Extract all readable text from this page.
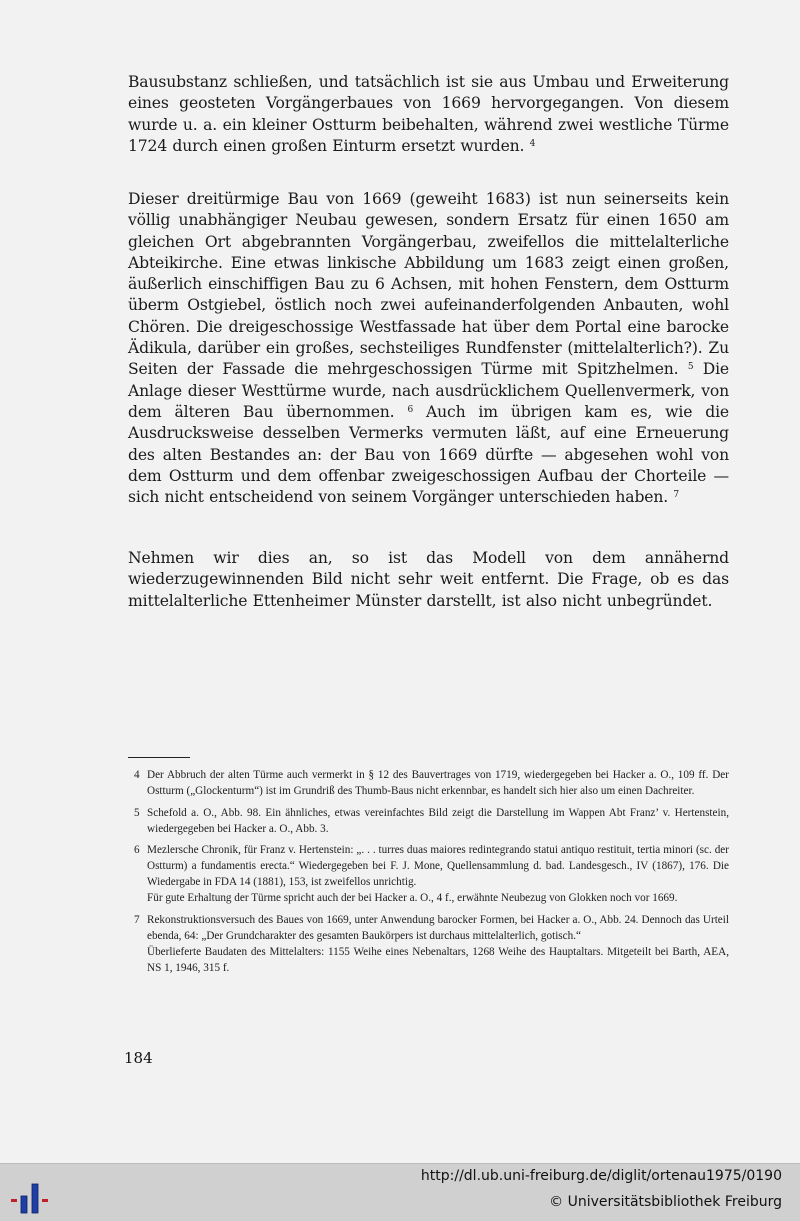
Bausubstanz schließen, und tatsächlich ist sie aus Umbau und Erweiterung eines geosteten Vorgängerbaues von 1669 hervorgegangen. Von diesem wurde u. a. ein kleiner Ostturm beibehalten, während zwei westliche Türme 1724 durch einen großen Einturm ersetzt wurden. $^4$

Dieser dreitürmige Bau von 1669 (geweiht 1683) ist nun seinerseits kein völlig unabhängiger Neubau gewesen, sondern Ersatz für einen 1650 am gleichen Ort abgebrannten Vorgängerbau, zweifellos die mittelalterliche Abteikirche. Eine etwas linkische Abbildung um 1683 zeigt einen großen, äußerlich einschiffigen Bau zu 6 Achsen, mit hohen Fenstern, dem Ostturm überm Ostgiebel, östlich noch zwei aufeinanderfolgenden Anbauten, wohl Chören. Die dreigeschossige Westfassade hat über dem Portal eine barocke Ädikula, darüber ein großes, sechsteiliges Rundfenster (mittelalterlich?). Zu Seiten der Fassade die mehrgeschossigen Türme mit Spitzhelmen. $^5$ Die Anlage dieser Westtürme wurde, nach ausdrücklichem Quellenvermerk, von dem älteren Bau übernommen. $^6$ Auch im übrigen kam es, wie die Ausdrucksweise desselben Vermerks vermuten läßt, auf eine Erneuerung des alten Bestandes an: der Bau von 1669 dürfte — abgesehen wohl von dem Ostturm und dem offenbar zweigeschossigen Aufbau der Chorteile — sich nicht entscheidend von seinem Vorgänger unterschieden haben. $^7$

Nehmen wir dies an, so ist das Modell von dem annähernd wiederzugewinnenden Bild nicht sehr weit entfernt. Die Frage, ob es das mittelalterliche Ettenheimer Münster darstellt, ist also nicht unbegründet.

4 Der Abbruch der alten Türme auch vermerkt in § 12 des Bauvertrages von 1719, wiedergegeben bei Hacker a. O., 109 ff. Der Ostturm („Glockenturm“) ist im Grundriß des Thumb-Baus nicht erkennbar, es handelt sich hier also um einen Dachreiter.

5 Schefold a. O., Abb. 98. Ein ähnliches, etwas vereinfachtes Bild zeigt die Darstellung im Wappen Abt Franz’ v. Hertenstein, wiedergegeben bei Hacker a. O., Abb. 3.

6 Mezlersche Chronik, für Franz v. Hertenstein: „. . . turres duas maiores redintegrando statui antiquo restituit, tertia minori (sc. der Ostturm) a fundamentis erecta.“ Wiedergegeben bei F. J. Mone, Quellensammlung d. bad. Landesgesch., IV (1867), 176. Die Wiedergabe in FDA 14 (1881), 153, ist zweifellos unrichtig.

Für gute Erhaltung der Türme spricht auch der bei Hacker a. O., 4 f., erwähnte Neubezug von Glokken noch vor 1669.

7 Rekonstruktionsversuch des Baues von 1669, unter Anwendung barocker Formen, bei Hacker a. O., Abb. 24. Dennoch das Urteil ebenda, 64: „Der Grundcharakter des gesamten Baukörpers ist durchaus mittelalterlich, gotisch.“

Überlieferte Baudaten des Mittelalters: 1155 Weihe eines Nebenaltars, 1268 Weihe des Hauptaltars. Mitgeteilt bei Barth, AEA, NS 1, 1946, 315 f.

184
http://dl.ub.uni-freiburg.de/diglit/ortenau1975/0190
© Universitätsbibliothek Freiburg
